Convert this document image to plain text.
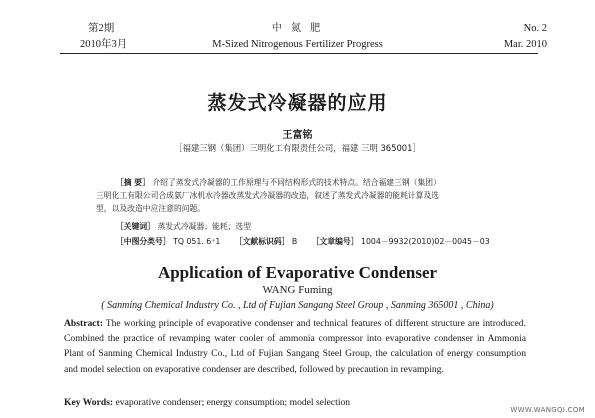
第2期
2010年3月
中 氮 肥
M-Sized Nitrogenous Fertilizer Progress
No. 2
Mar. 2010
蒸发式冷凝器的应用
王富铭
［福建三钢（集团）三明化工有限责任公司，福建 三明 365001］
［摘 要］ 介绍了蒸发式冷凝器的工作原理与不同结构形式的技术特点。结合福建三钢（集团）
三明化工有限公司合成氨厂冰机水冷器改蒸发式冷凝器的改造，叙述了蒸发式冷凝器的能耗计算及选
型，以及改造中应注意的问题。
［关键词］ 蒸发式冷凝器；能耗；选型
［中图分类号］ TQ 051. 6⁺1 ［文献标识码］ B ［文章编号］ 1004－9932(2010)02－0045－03
Application of Evaporative Condenser
WANG Fuming
( Sanming Chemical Industry Co. , Ltd of Fujian Sangang Steel Group , Sanming 365001 , China)
Abstract: The working principle of evaporative condenser and technical features of different structure are introduced. Combined the practice of revamping water cooler of ammonia compressor into evaporative condenser in Ammonia Plant of Sanming Chemical Industry Co., Ltd of Fujian Sangang Steel Group, the calculation of energy consumption and model selection on evaporative condenser are described, followed by precaution in revamping.
Key Words: evaporative condenser; energy consumption; model selection
WWW.WANGQI.COM
